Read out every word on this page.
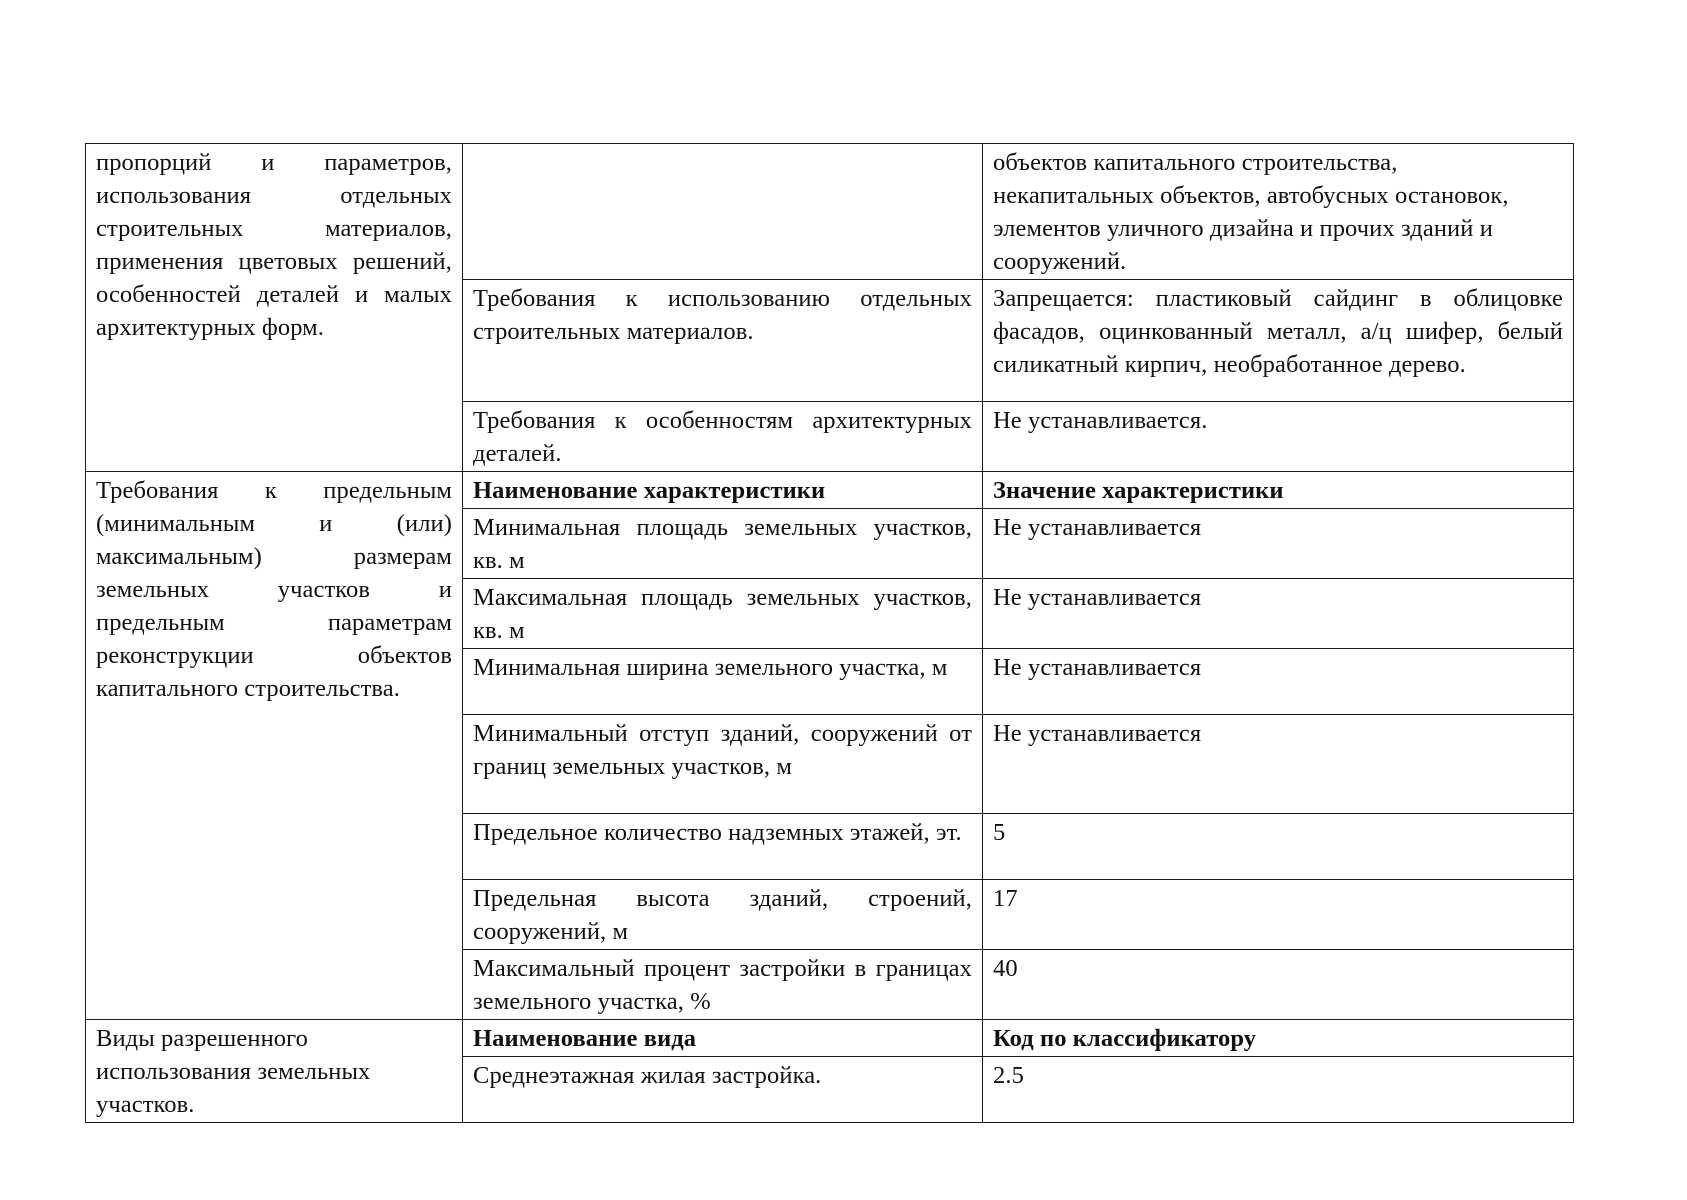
пропорций и параметров, использования отдельных строительных материалов, применения цветовых решений, особенностей деталей и малых архитектурных форм.		объектов капитального строительства, некапитальных объектов, автобусных остановок, элементов уличного дизайна и прочих зданий и сооружений.
	Требования к использованию отдельных строительных материалов.	Запрещается: пластиковый сайдинг в облицовке фасадов, оцинкованный металл, а/ц шифер, белый силикатный кирпич, необработанное дерево.
	Требования к особенностям архитектурных деталей.	Не устанавливается.
Требования к предельным (минимальным и (или) максимальным) размерам земельных участков и предельным параметрам реконструкции объектов капитального строительства.	Наименование характеристики	Значение характеристики
	Минимальная площадь земельных участков, кв. м	Не устанавливается
	Максимальная площадь земельных участков, кв. м	Не устанавливается
	Минимальная ширина земельного участка, м	Не устанавливается
	Минимальный отступ зданий, сооружений от границ земельных участков, м	Не устанавливается
	Предельное количество надземных этажей, эт.	5
	Предельная высота зданий, строений, сооружений, м	17
	Максимальный процент застройки в границах земельного участка, %	40
Виды разрешенного использования земельных участков.	Наименование вида	Код по классификатору
	Среднеэтажная жилая застройка.	2.5
